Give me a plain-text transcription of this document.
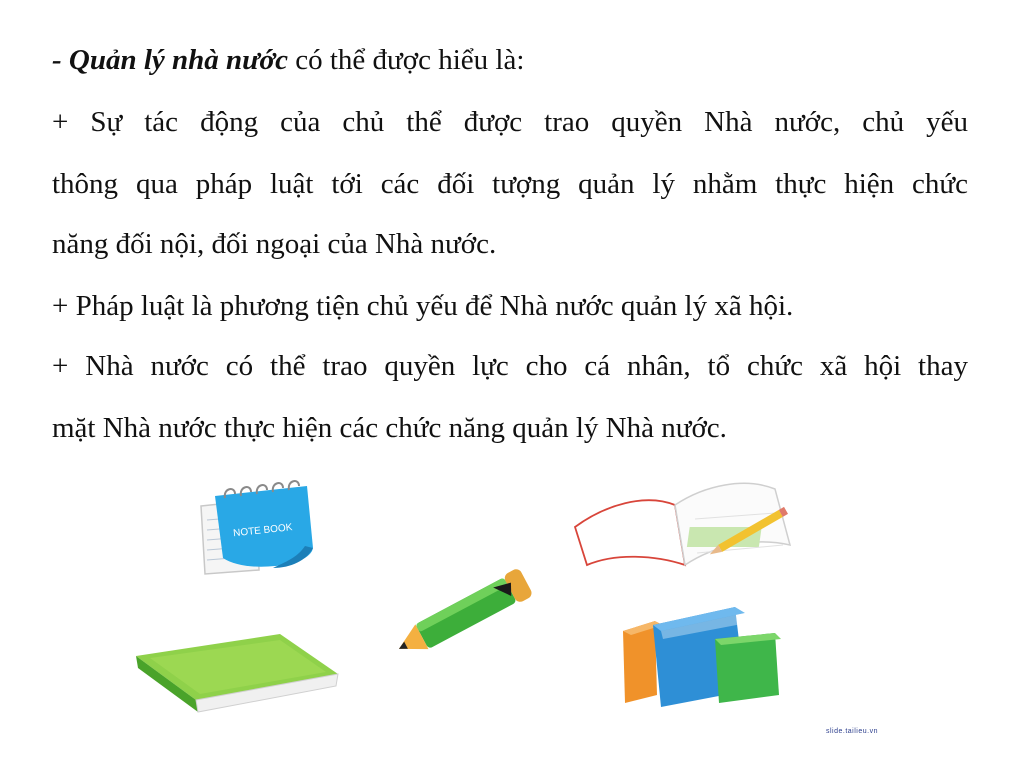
- Quản lý nhà nước có thể được hiểu là:
+ Sự tác động của chủ thể được trao quyền Nhà nước, chủ yếu
thông qua pháp luật tới các đối tượng quản lý nhằm thực hiện chức
năng đối nội, đối ngoại của Nhà nước.
+ Pháp luật là phương tiện chủ yếu để Nhà nước quản lý xã hội.
+ Nhà nước có thể trao quyền lực cho cá nhân, tổ chức xã hội thay
mặt Nhà nước thực hiện các chức năng quản lý Nhà nước.
NOTE BOOK
slide.tailieu.vn
